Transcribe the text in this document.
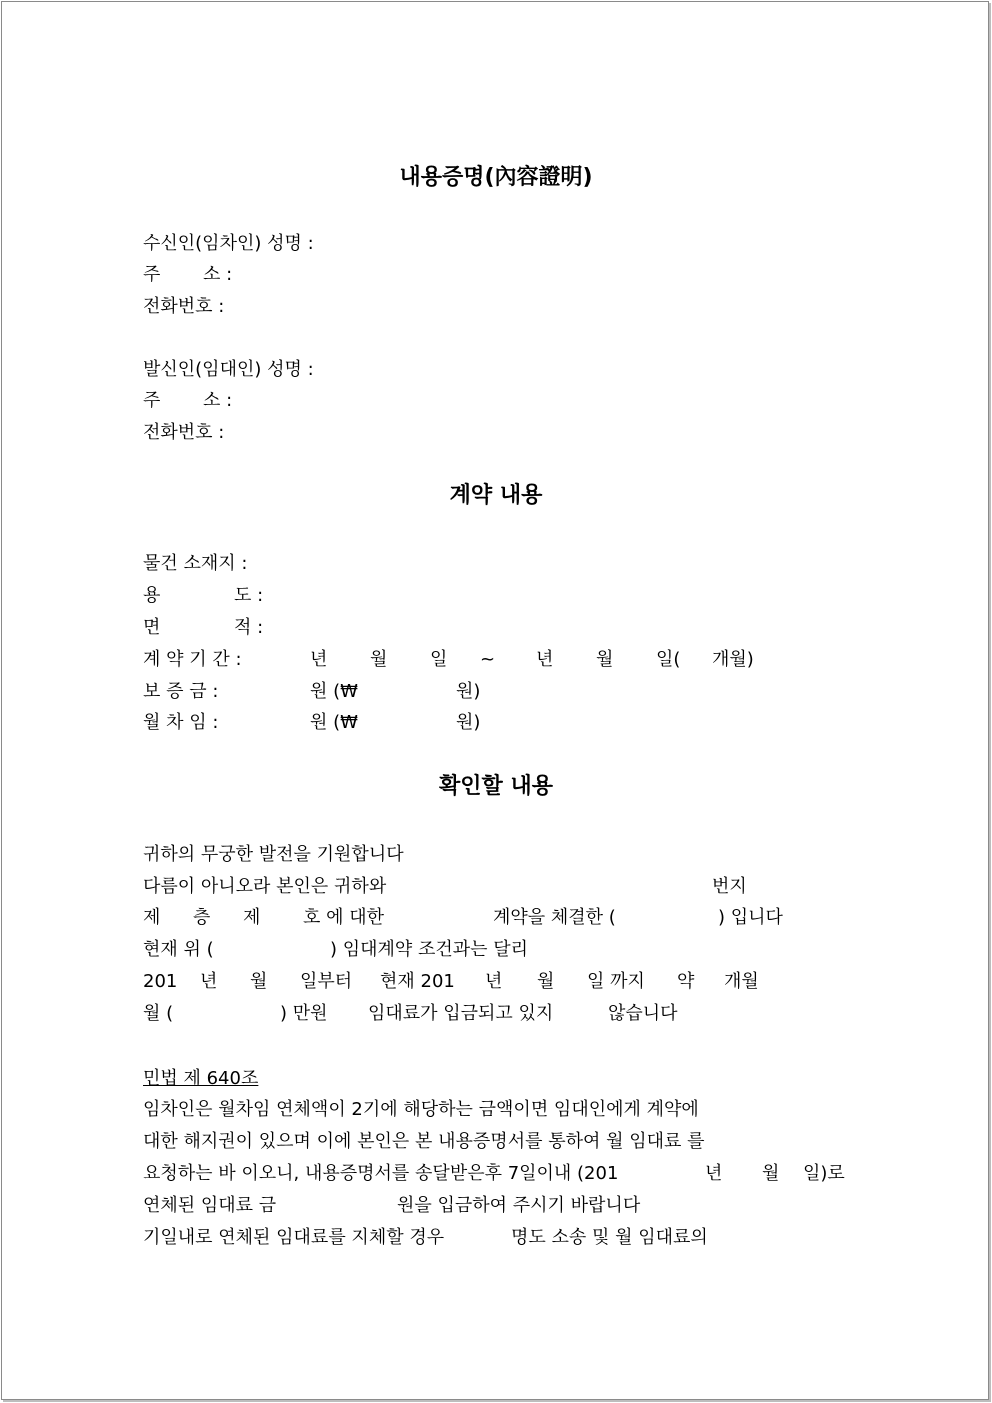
내용증명(內容證明)
수신인(임차인) 성명 :
주 소 :
전화번호 :
발신인(임대인) 성명 :
주 소 :
전화번호 :
계약 내용
물건 소재지 :
용	도 :
면	적 :
계 약 기 간 :	년 월 일 ~ 년 월 일( 개월)
보 증 금 :	원 (₩	원)
월 차 임 :	원 (₩	원)
확인할 내용
귀하의 무궁한 발전을 기원합니다
다름이 아니오라 본인은 귀하와	번지
제 층 제 호 에 대한	계약을 체결한 (	) 입니다
현재 위 (	) 임대계약 조건과는 달리
201 년 월 일부터 현재 201 년 월 일 까지 약 개월
월 (	) 만원 임대료가 입금되고 있지	않습니다
민법 제 640조
임차인은 월차임 연체액이 2기에 해당하는 금액이면 임대인에게 계약에
대한 해지권이 있으며 이에 본인은 본 내용증명서를 통하여 월 임대료 를
요청하는 바 이오니, 내용증명서를 송달받은후 7일이내 (201	년 월 일)로
연체된 임대료 금	원을 입금하여 주시기 바랍니다
기일내로 연체된 임대료를 지체할 경우	명도 소송 및 월 임대료의
